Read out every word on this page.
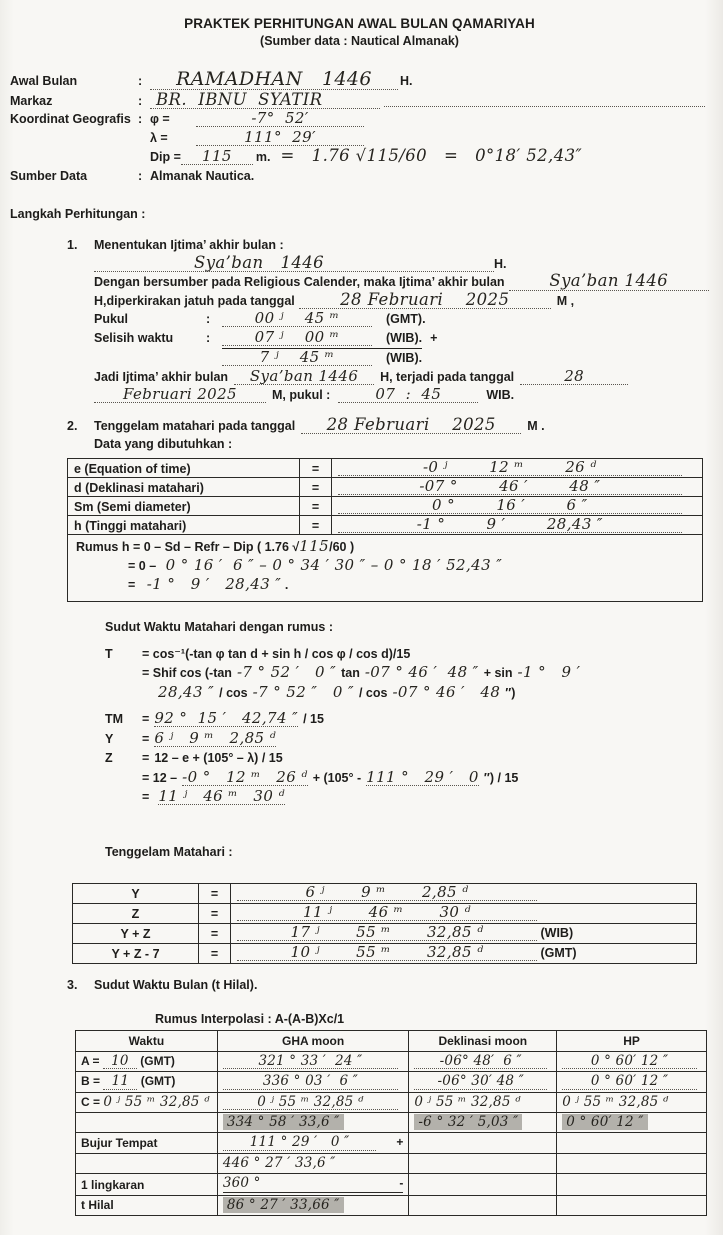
PRAKTEK PERHITUNGAN AWAL BULAN QAMARIYAH
(Sumber data : Nautical Almanak)
Awal Bulan	:	RAMADHAN   1446	H.
Markaz	: BR.  IBNU  SYATIR
Koordinat Geografis : φ =	-7°  52′
λ =	111°  29′
Dip =	115	m. =   1.76 √115/60   =   0°18′ 52,43″
Sumber Data	: Almanak Nautica.
Langkah Perhitungan :
1. Menentukan Ijtima’ akhir bulan :
Sya’ban   1446	H.
Dengan bersumber pada Religious Calender, maka Ijtima’ akhir bulan	Sya’ban 1446
H,diperkirakan jatuh pada tanggal	28 Februari    2025	M ,
Pukul	:	00 ʲ    45 ᵐ	(GMT).
Selisih waktu	:	07 ʲ    00 ᵐ	(WIB). +
7 ʲ    45 ᵐ	(WIB).
Jadi Ijtima’ akhir bulan	Sya’ban 1446	H, terjadi pada tanggal	28
Februari 2025	M, pukul :	07  :  45	WIB.
2.	Tenggelam matahari pada tanggal	28 Februari    2025	M .
Data yang dibutuhkan :
e (Equation of time)	=	-0 ʲ        12 ᵐ        26 ᵈ
d (Deklinasi matahari)	=	-07 °        46 ′        48 ″
Sm (Semi diameter)	=	0 °        16 ′        6 ″
h (Tinggi matahari)	=	-1 °        9 ′        28,43 ″

Rumus h = 0 – Sd – Refr – Dip ( 1.76 √115/60 )
= 0 – 0 ° 16 ′  6 ″ – 0 ° 34 ′ 30 ″ – 0 ° 18 ′ 52,43 ″
= -1 °   9 ′   28,43 ″ .		
Sudut Waktu Matahari dengan rumus :
T	= cos⁻¹(-tan φ tan d + sin h / cos φ / cos d)/15
= Shif cos (-tan -7 ° 52 ′   0 ″ tan -07 ° 46 ′  48 ″ + sin -1 °   9 ′
28,43 ″ / cos -7 ° 52 ″   0 ″ / cos -07 ° 46 ′   48 ″)
TM	= 92 °  15 ′   42,74 ″ / 15
Y	= 6 ʲ   9 ᵐ   2,85 ᵈ
Z	= 12 – e + (105° – λ) / 15
= 12 – -0 °   12 ᵐ   26 ᵈ + (105° - 111 °   29 ′   0 ″) / 15
= 11 ʲ   46 ᵐ   30 ᵈ
Tenggelam Matahari :
Y	=	6 ʲ       9 ᵐ       2,85 ᵈ
Z	=	11 ʲ       46 ᵐ       30 ᵈ
Y + Z	=	17 ʲ       55 ᵐ       32,85 ᵈ (WIB)
Y + Z - 7	=	10 ʲ       55 ᵐ       32,85 ᵈ (GMT)
3. Sudut Waktu Bulan (t Hilal).
Rumus Interpolasi : A-(A-B)Xc/1
Waktu	GHA moon	Deklinasi moon	HP
A = 10 (GMT)	321 ° 33 ′  24 ″	-06° 48′  6 ″	0 ° 60′ 12 ″
B = 11 (GMT)	336 ° 03 ′  6 ″	-06° 30′ 48 ″	0 ° 60′ 12 ″
C = 0 ʲ 55 ᵐ 32,85 ᵈ	0 ʲ 55 ᵐ 32,85 ᵈ	0 ʲ 55 ᵐ 32,85 ᵈ	0 ʲ 55 ᵐ 32,85 ᵈ
	334 ° 58 ′ 33,6 ″	-6 ° 32 ′ 5,03 ″	0 ° 60′ 12 ″
Bujur Tempat	111 ° 29 ′   0 ″ +		

	446 ° 27 ′ 33,6 ″		
1 lingkaran	360 ° -		

t Hilal	86 ° 27 ′ 33,66 ″		
